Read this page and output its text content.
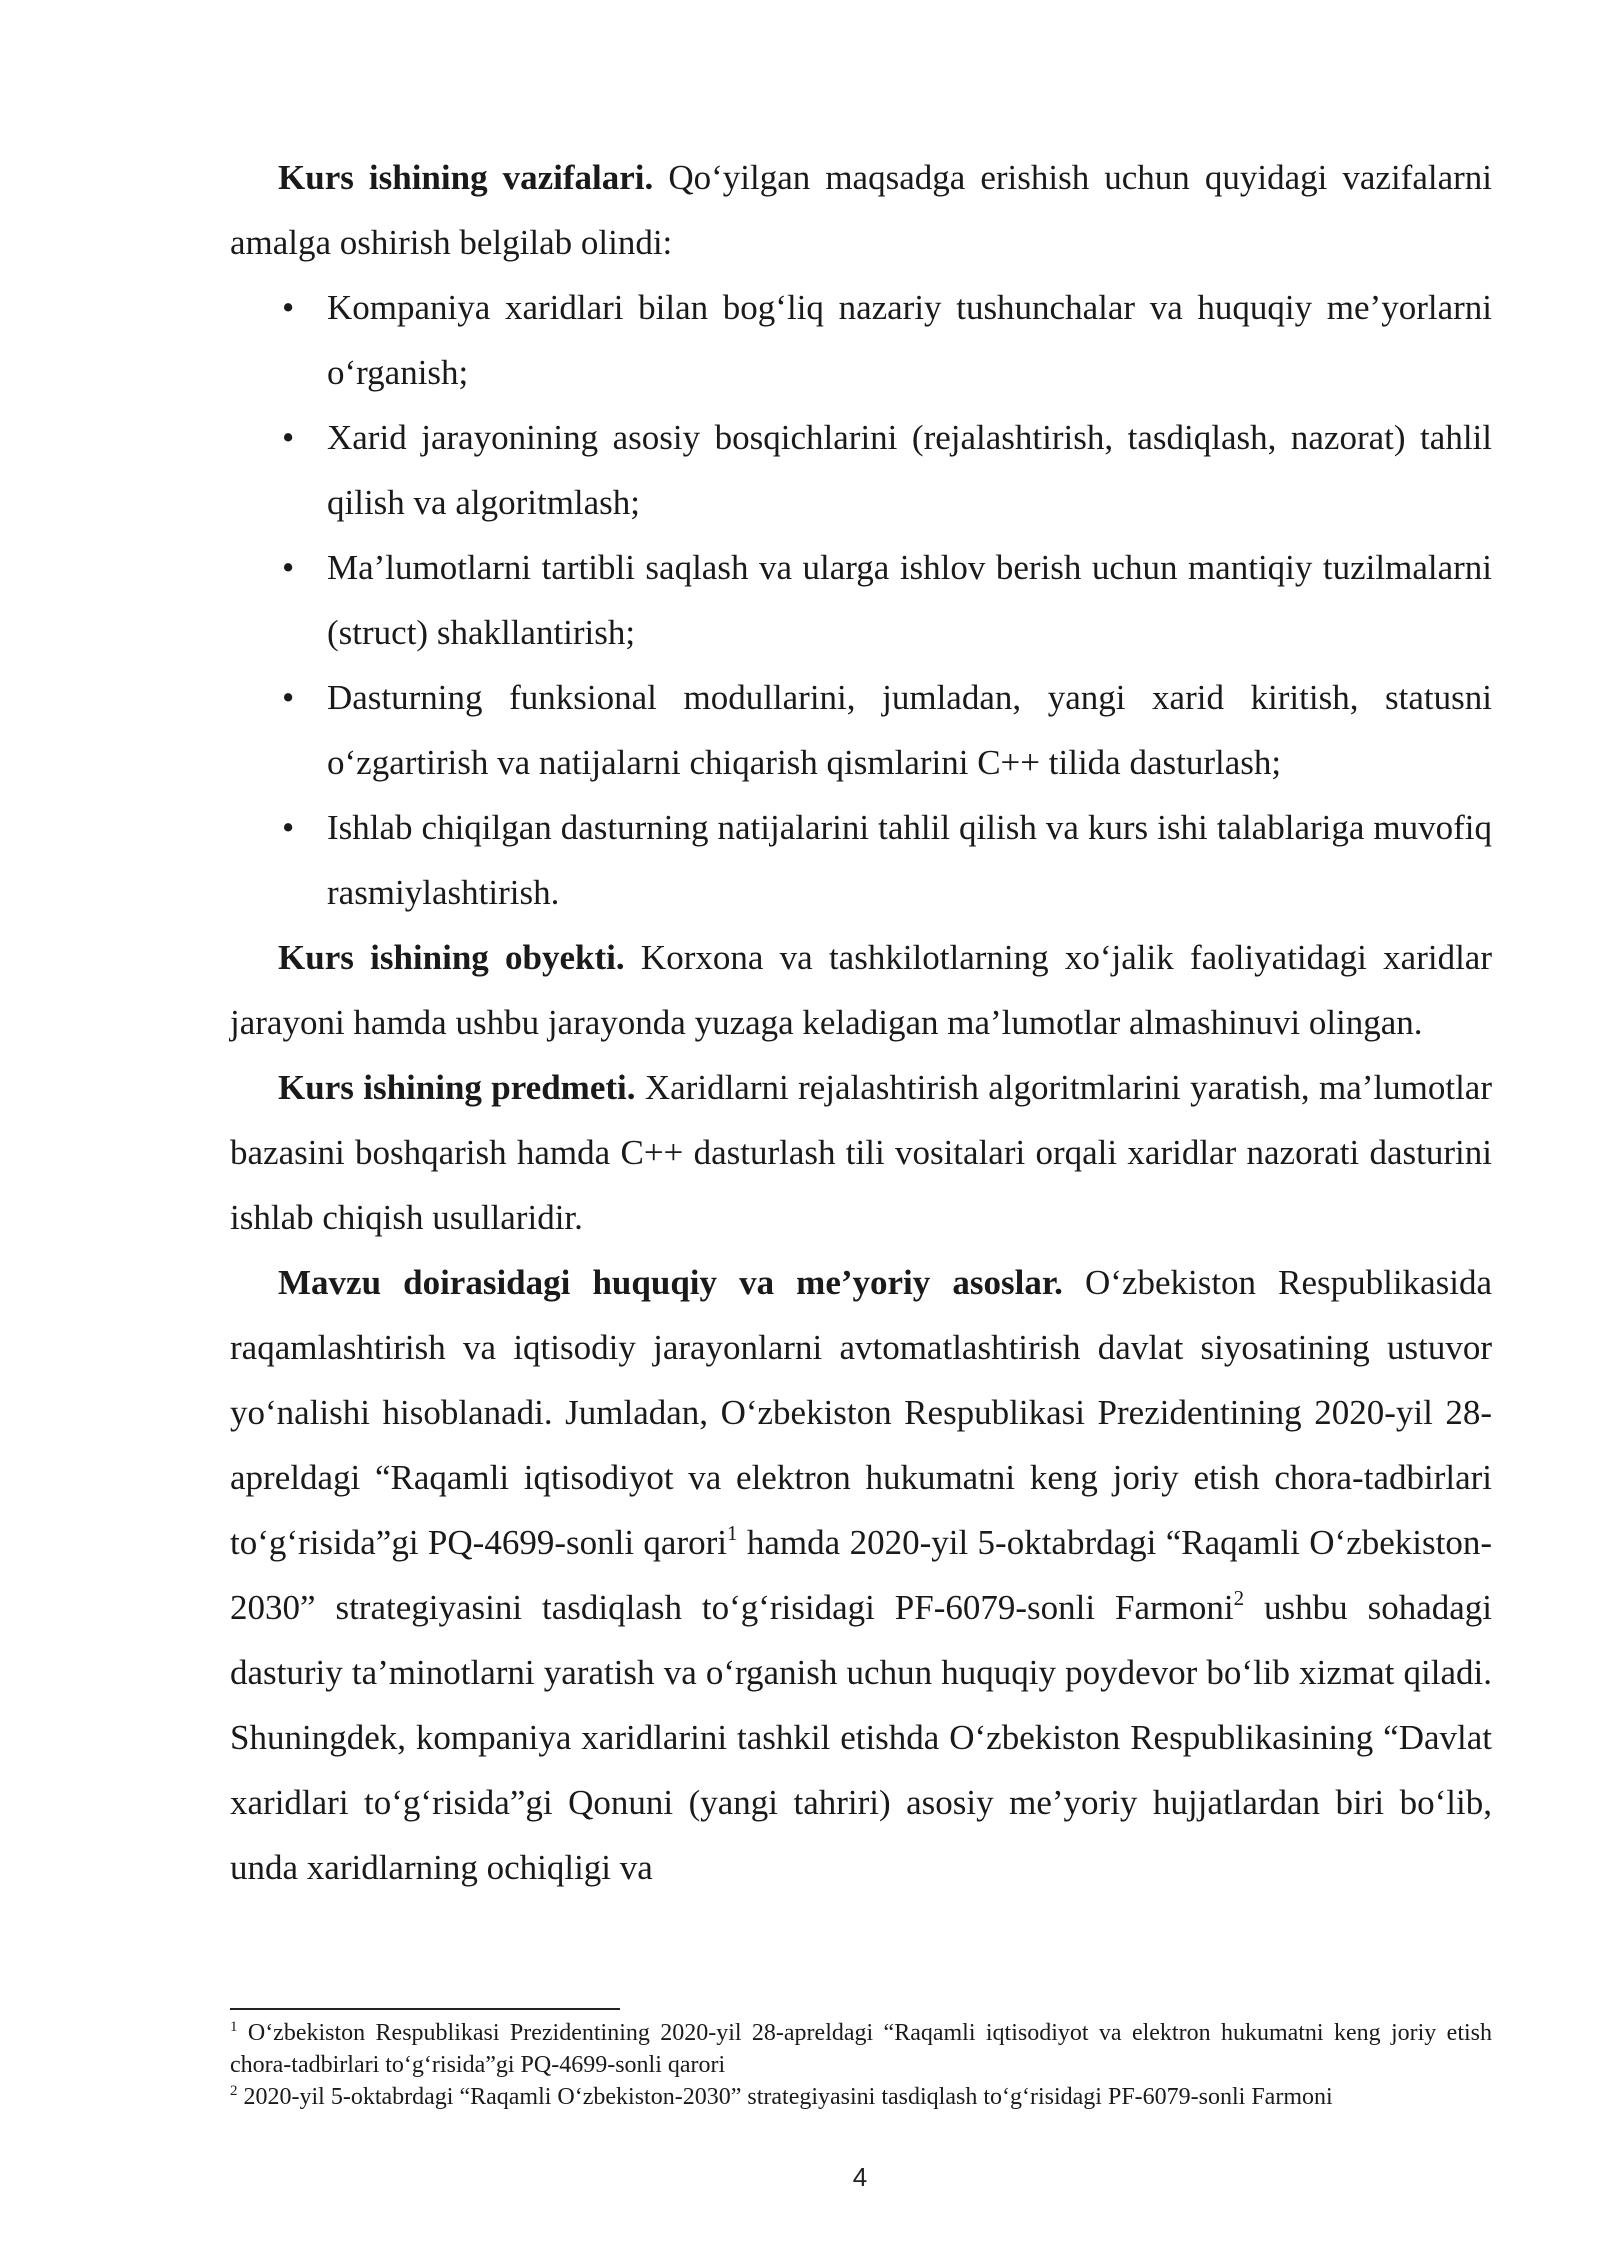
Kurs ishining vazifalari. Qo‘yilgan maqsadga erishish uchun quyidagi vazifalarni amalga oshirish belgilab olindi:

• Kompaniya xaridlari bilan bog‘liq nazariy tushunchalar va huquqiy me’yorlarni o‘rganish;
• Xarid jarayonining asosiy bosqichlarini (rejalashtirish, tasdiqlash, nazorat) tahlil qilish va algoritmlash;
• Ma’lumotlarni tartibli saqlash va ularga ishlov berish uchun mantiqiy tuzilmalarni (struct) shakllantirish;
• Dasturning funksional modullarini, jumladan, yangi xarid kiritish, statusni o‘zgartirish va natijalarni chiqarish qismlarini C++ tilida dasturlash;
• Ishlab chiqilgan dasturning natijalarini tahlil qilish va kurs ishi talablariga muvofiq rasmiylashtirish.

Kurs ishining obyekti. Korxona va tashkilotlarning xo‘jalik faoliyatidagi xaridlar jarayoni hamda ushbu jarayonda yuzaga keladigan ma’lumotlar almashinuvi olingan.

Kurs ishining predmeti. Xaridlarni rejalashtirish algoritmlarini yaratish, ma’lumotlar bazasini boshqarish hamda C++ dasturlash tili vositalari orqali xaridlar nazorati dasturini ishlab chiqish usullaridir.

Mavzu doirasidagi huquqiy va me’yoriy asoslar. O‘zbekiston Respublikasida raqamlashtirish va iqtisodiy jarayonlarni avtomatlashtirish davlat siyosatining ustuvor yo‘nalishi hisoblanadi. Jumladan, O‘zbekiston Respublikasi Prezidentining 2020-yil 28-apreldagi “Raqamli iqtisodiyot va elektron hukumatni keng joriy etish chora-tadbirlari to‘g‘risida”gi PQ-4699-sonli qarori$^1$ hamda 2020-yil 5-oktabrdagi “Raqamli O‘zbekiston-2030” strategiyasini tasdiqlash to‘g‘risidagi PF-6079-sonli Farmoni$^2$ ushbu sohadagi dasturiy ta’minotlarni yaratish va o‘rganish uchun huquqiy poydevor bo‘lib xizmat qiladi. Shuningdek, kompaniya xaridlarini tashkil etishda O‘zbekiston Respublikasining “Davlat xaridlari to‘g‘risida”gi Qonuni (yangi tahriri) asosiy me’yoriy hujjatlardan biri bo‘lib, unda xaridlarning ochiqligi va

$^1$ O‘zbekiston Respublikasi Prezidentining 2020-yil 28-apreldagi “Raqamli iqtisodiyot va elektron hukumatni keng joriy etish chora-tadbirlari to‘g‘risida”gi PQ-4699-sonli qarori

$^2$ 2020-yil 5-oktabrdagi “Raqamli O‘zbekiston-2030” strategiyasini tasdiqlash to‘g‘risidagi PF-6079-sonli Farmoni

4
